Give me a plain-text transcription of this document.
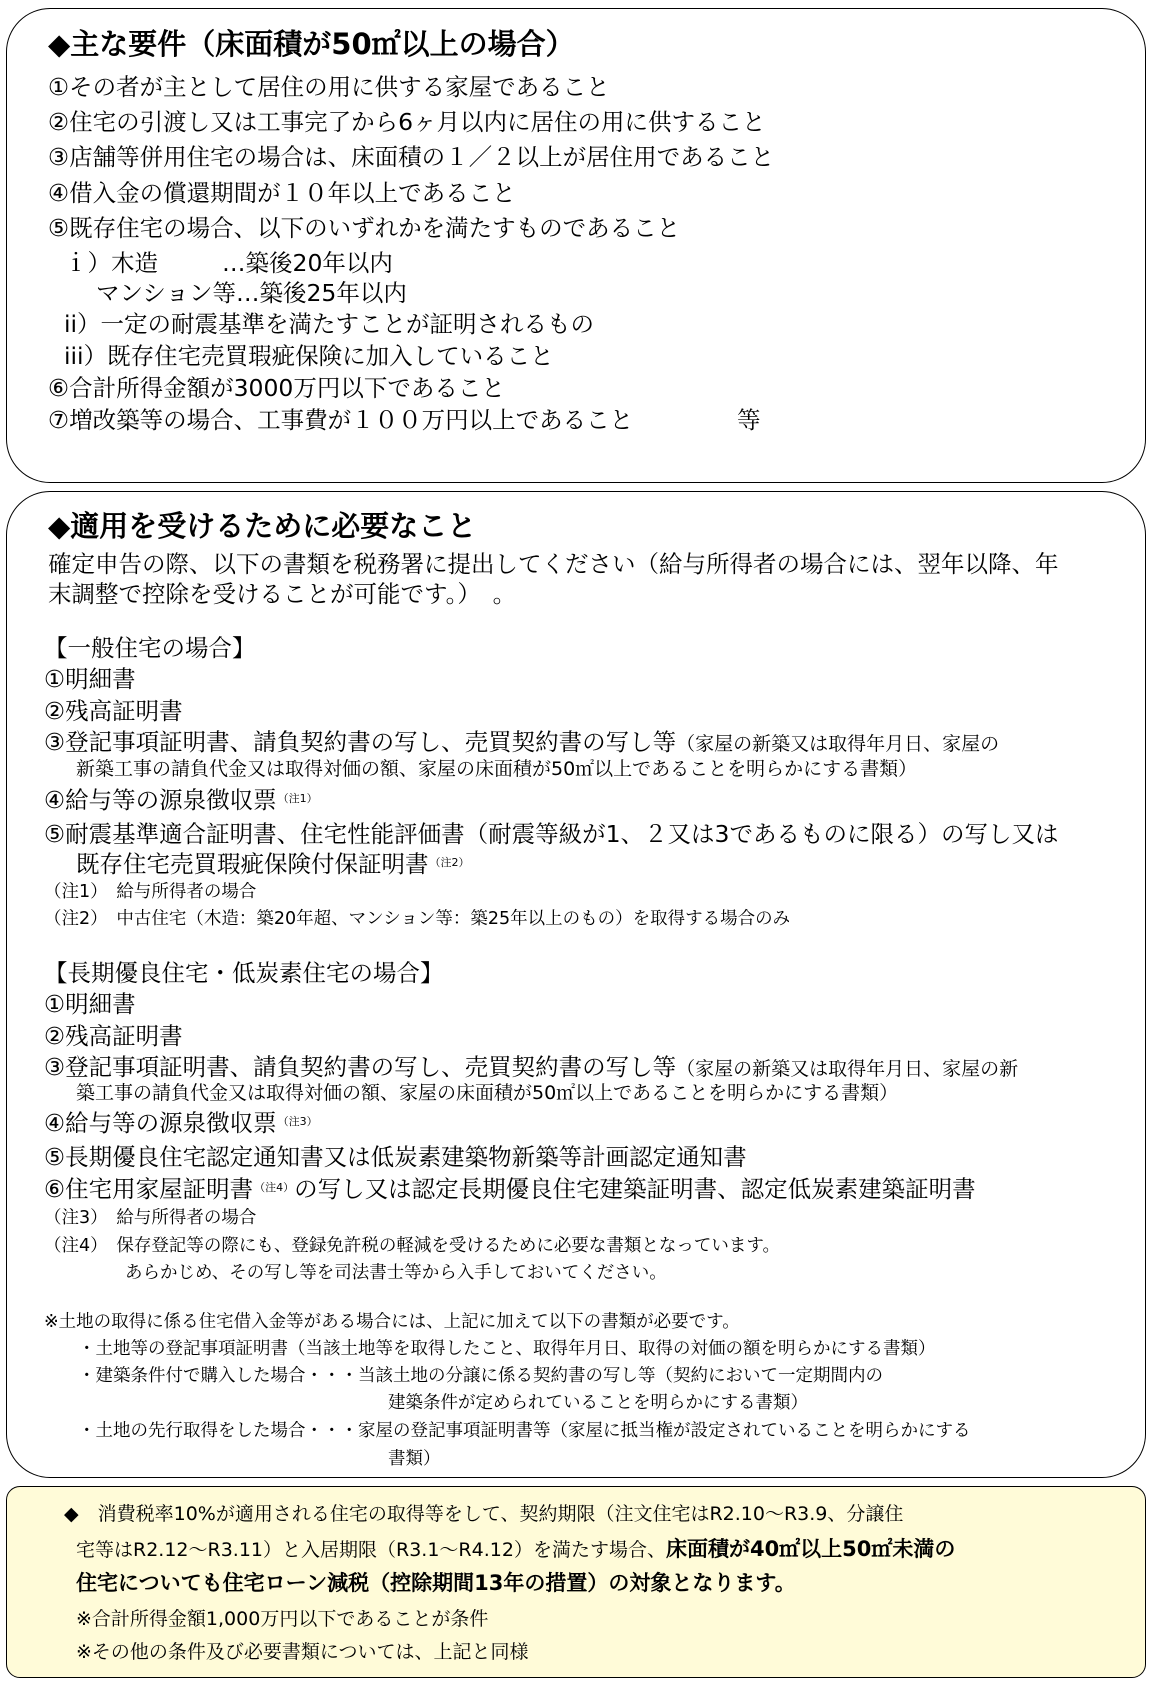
◆主な要件（床面積が50㎡以上の場合）
①その者が主として居住の用に供する家屋であること
②住宅の引渡し又は工事完了から6ヶ月以内に居住の用に供すること
③店舗等併用住宅の場合は、床面積の１／２以上が居住用であること
④借入金の償還期間が１０年以上であること
⑤既存住宅の場合、以下のいずれかを満たすものであること
ｉ）木造	…築後20年以内
マンション等…築後25年以内
ii）一定の耐震基準を満たすことが証明されるもの
iii）既存住宅売買瑕疵保険に加入していること
⑥合計所得金額が3000万円以下であること
⑦増改築等の場合、工事費が１００万円以上であること	等
◆適用を受けるために必要なこと
確定申告の際、以下の書類を税務署に提出してください（給与所得者の場合には、翌年以降、年
末調整で控除を受けることが可能です。）　。
【一般住宅の場合】
①明細書
②残高証明書
③登記事項証明書、請負契約書の写し、売買契約書の写し等（家屋の新築又は取得年月日、家屋の
新築工事の請負代金又は取得対価の額、家屋の床面積が50㎡以上であることを明らかにする書類）
④給与等の源泉徴収票$^{(注1)}$
⑤耐震基準適合証明書、住宅性能評価書（耐震等級が1、２又は3であるものに限る）の写し又は
既存住宅売買瑕疵保険付保証明書$^{(注2)}$
（注1）　給与所得者の場合
（注2）　中古住宅（木造：築20年超、マンション等：築25年以上のもの）を取得する場合のみ
【長期優良住宅・低炭素住宅の場合】
①明細書
②残高証明書
③登記事項証明書、請負契約書の写し、売買契約書の写し等（家屋の新築又は取得年月日、家屋の新
築工事の請負代金又は取得対価の額、家屋の床面積が50㎡以上であることを明らかにする書類）
④給与等の源泉徴収票$^{(注3)}$
⑤長期優良住宅認定通知書又は低炭素建築物新築等計画認定通知書
⑥住宅用家屋証明書$^{(注4)}$の写し又は認定長期優良住宅建築証明書、認定低炭素建築証明書
（注3）　給与所得者の場合
（注4）　保存登記等の際にも、登録免許税の軽減を受けるために必要な書類となっています。
あらかじめ、その写し等を司法書士等から入手しておいてください。
※土地の取得に係る住宅借入金等がある場合には、上記に加えて以下の書類が必要です。
・土地等の登記事項証明書（当該土地等を取得したこと、取得年月日、取得の対価の額を明らかにする書類）
・建築条件付で購入した場合・・・当該土地の分譲に係る契約書の写し等（契約において一定期間内の
建築条件が定められていることを明らかにする書類）
・土地の先行取得をした場合・・・家屋の登記事項証明書等（家屋に抵当権が設定されていることを明らかにする
書類）
◆　消費税率10%が適用される住宅の取得等をして、契約期限（注文住宅はR2.10～R3.9、分譲住
宅等はR2.12～R3.11）と入居期限（R3.1～R4.12）を満たす場合、床面積が40㎡以上50㎡未満の
住宅についても住宅ローン減税（控除期間13年の措置）の対象となります。
※合計所得金額1,000万円以下であることが条件
※その他の条件及び必要書類については、上記と同様
